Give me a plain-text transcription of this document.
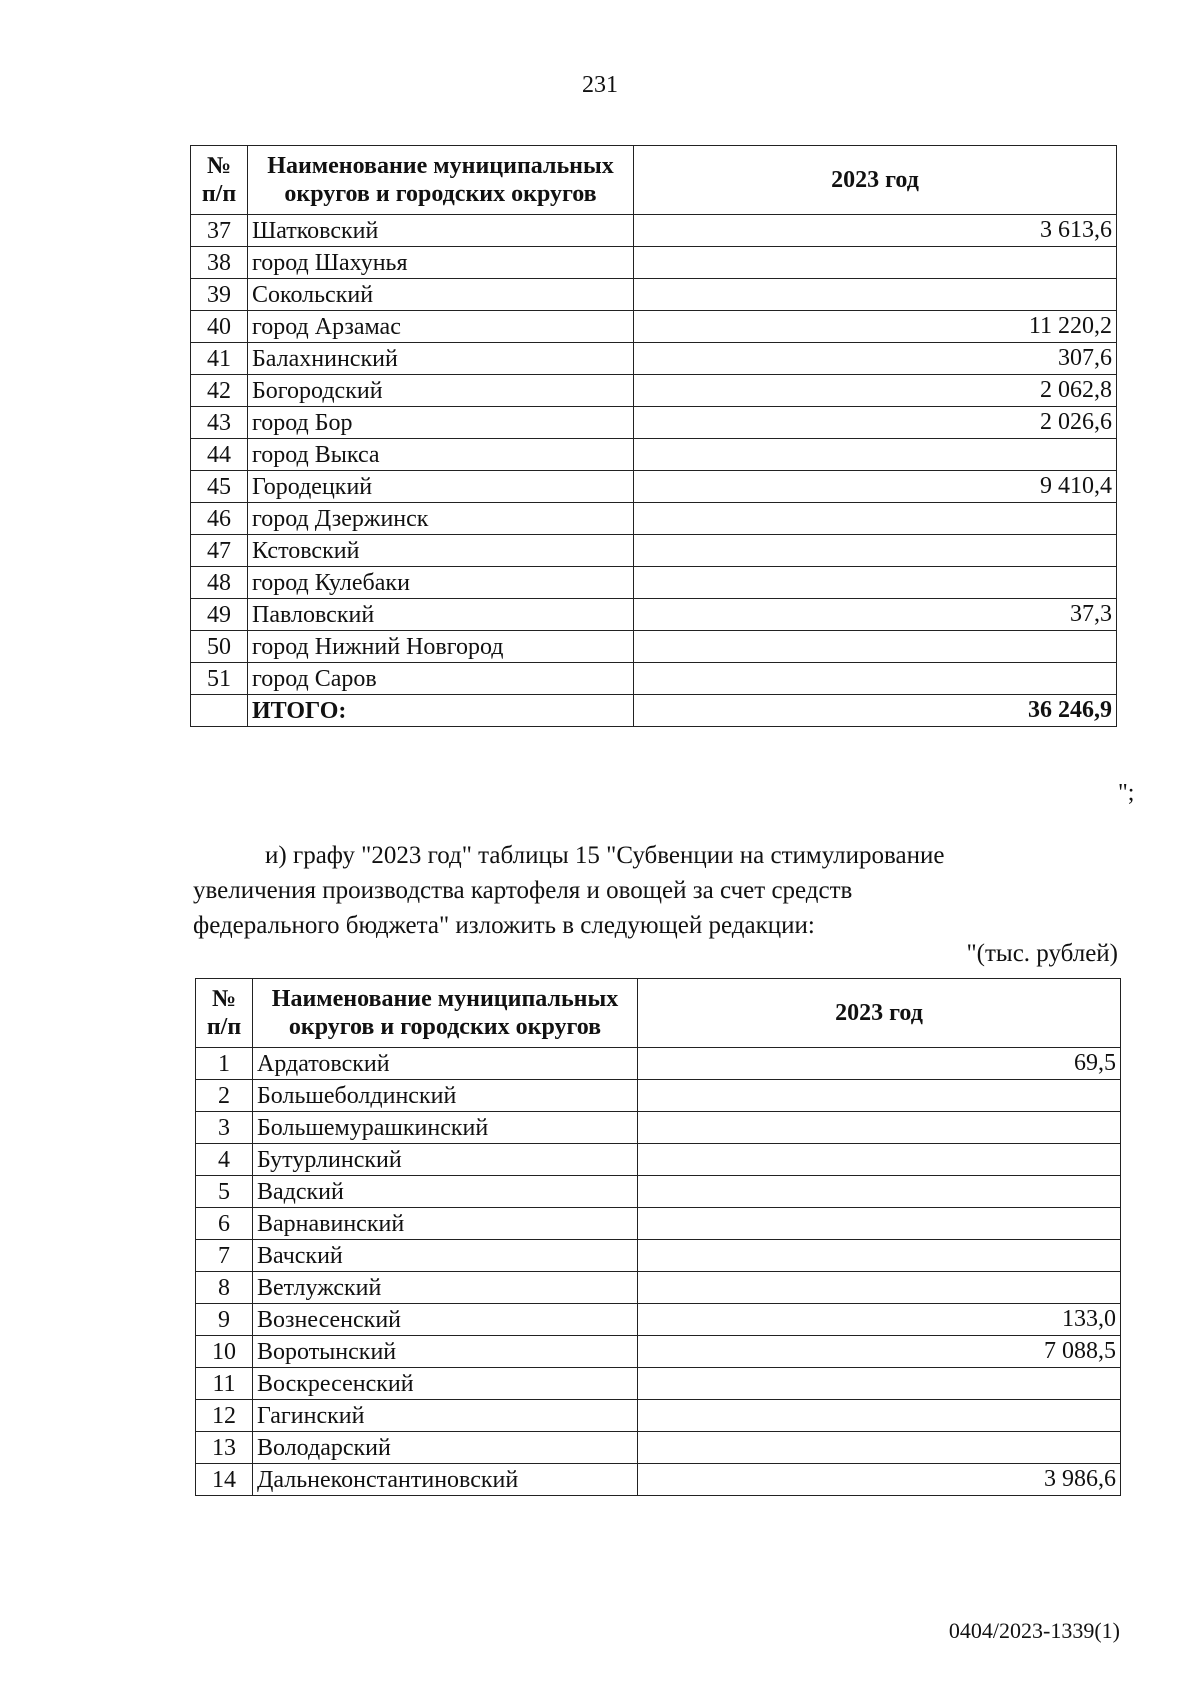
231
№ п/п	Наименование муниципальных округов и городских округов	2023 год
37	Шатковский	3 613,6
38	город Шахунья	
39	Сокольский	
40	город Арзамас	11 220,2
41	Балахнинский	307,6
42	Богородский	2 062,8
43	город Бор	2 026,6
44	город Выкса	
45	Городецкий	9 410,4
46	город Дзержинск	
47	Кстовский	
48	город Кулебаки	
49	Павловский	37,3
50	город Нижний Новгород	
51	город Саров	
	ИТОГО:	36 246,9
";
и) графу "2023 год" таблицы 15 "Субвенции на стимулирование
увеличения производства картофеля и овощей за счет средств
федерального бюджета" изложить в следующей редакции:
"(тыс. рублей)
№ п/п	Наименование муниципальных округов и городских округов	2023 год
1	Ардатовский	69,5
2	Большеболдинский	
3	Большемурашкинский	
4	Бутурлинский	
5	Вадский	
6	Варнавинский	
7	Вачский	
8	Ветлужский	
9	Вознесенский	133,0
10	Воротынский	7 088,5
11	Воскресенский	
12	Гагинский	
13	Володарский	
14	Дальнеконстантиновский	3 986,6
0404/2023-1339(1)
